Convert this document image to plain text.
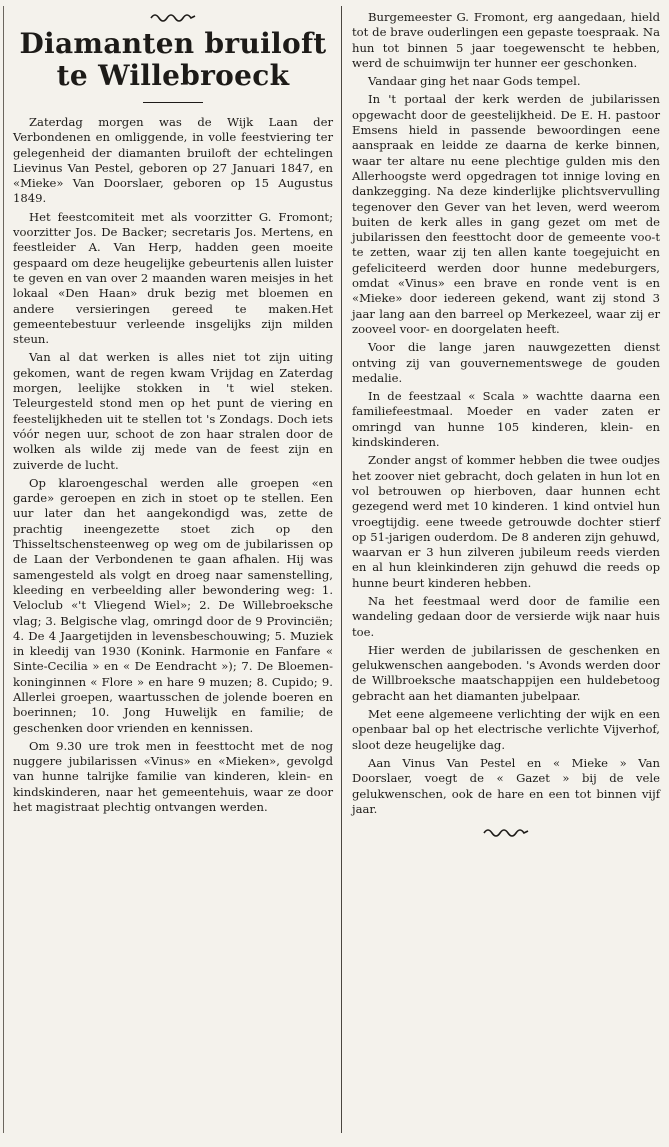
Diamanten bruiloft
te Willebroeck

Zaterdag morgen was de Wijk Laan der Verbondenen en omliggende, in volle feestviering ter gelegenheid der diamanten bruiloft der echtelingen Lievinus Van Pestel, geboren op 27 Januari 1847, en «Mieke» Van Doorslaer, geboren op 15 Augustus 1849.

Het feestcomiteit met als voorzitter G. Fromont; voorzitter Jos. De Backer; secretaris Jos. Mertens, en feestleider A. Van Herp, hadden geen moeite gespaard om deze heugelijke gebeurtenis allen luister te geven en van over 2 maanden waren meisjes in het lokaal «Den Haan» druk bezig met bloemen en andere versieringen gereed te maken.Het gemeentebestuur verleende insgelijks zijn milden steun.

Van al dat werken is alles niet tot zijn uiting gekomen, want de regen kwam Vrijdag en Zaterdag morgen, leelijke stokken in 't wiel steken. Teleurgesteld stond men op het punt de viering en feestelijkheden uit te stellen tot 's Zondags. Doch iets vóór negen uur, schoot de zon haar stralen door de wolken als wilde zij mede van de feest zijn en zuiverde de lucht.

Op klaroengeschal werden alle groepen «en garde» geroepen en zich in stoet op te stellen. Een uur later dan het aangekondigd was, zette de prachtig ineengezette stoet zich op den Thisseltschensteenweg op weg om de jubilarissen op de Laan der Verbondenen te gaan afhalen. Hij was samengesteld als volgt en droeg naar samenstelling, kleeding en verbeelding aller bewondering weg: 1. Veloclub «'t Vliegend Wiel»; 2. De Willebroeksche vlag; 3. Belgische vlag, omringd door de 9 Provinciën; 4. De 4 Jaargetijden in levensbeschouwing; 5. Muziek in kleedij van 1930 (Konink. Harmonie en Fanfare « Sinte-Cecilia » en « De Eendracht »); 7. De Bloemen-koninginnen « Flore » en hare 9 muzen; 8. Cupido; 9. Allerlei groepen, waartusschen de jolende boeren en boerinnen; 10. Jong Huwelijk en familie; de geschenken door vrienden en kennissen.

Om 9.30 ure trok men in feesttocht met de nog nuggere jubilarissen «Vinus» en «Mieken», gevolgd van hunne talrijke familie van kinderen, klein- en kindskinderen, naar het gemeentehuis, waar ze door het magistraat plechtig ontvangen werden.

Burgemeester G. Fromont, erg aangedaan, hield tot de brave ouderlingen een gepaste toespraak. Na hun tot binnen 5 jaar toegewenscht te hebben, werd de schuimwijn ter hunner eer geschonken.

Vandaar ging het naar Gods tempel.

In 't portaal der kerk werden de jubilarissen opgewacht door de geestelijkheid. De E. H. pastoor Emsens hield in passende bewoordingen eene aanspraak en leidde ze daarna de kerke binnen, waar ter altare nu eene plechtige gulden mis den Allerhoogste werd opgedragen tot innige loving en dankzegging. Na deze kinderlijke plichtsvervulling tegenover den Gever van het leven, werd weerom buiten de kerk alles in gang gezet om met de jubilarissen den feesttocht door de gemeente voo-t te zetten, waar zij ten allen kante toegejuicht en gefeliciteerd werden door hunne medeburgers, omdat «Vinus» een brave en ronde vent is en «Mieke» door iedereen gekend, want zij stond 3 jaar lang aan den barreel op Merkezeel, waar zij er zooveel voor- en doorgelaten heeft.

Voor die lange jaren nauwgezetten dienst ontving zij van gouvernementswege de gouden medalie.

In de feestzaal « Scala » wachtte daarna een familiefeestmaal. Moeder en vader zaten er omringd van hunne 105 kinderen, klein- en kindskinderen.

Zonder angst of kommer hebben die twee oudjes het zoover niet gebracht, doch gelaten in hun lot en vol betrouwen op hierboven, daar hunnen echt gezegend werd met 10 kinderen. 1 kind ontviel hun vroegtijdig. eene tweede getrouwde dochter stierf op 51-jarigen ouderdom. De 8 anderen zijn gehuwd, waarvan er 3 hun zilveren jubileum reeds vierden en al hun kleinkinderen zijn gehuwd die reeds op hunne beurt kinderen hebben.

Na het feestmaal werd door de familie een wandeling gedaan door de versierde wijk naar huis toe.

Hier werden de jubilarissen de geschenken en gelukwenschen aangeboden. 's Avonds werden door de Willbroeksche maatschappijen een huldebetoog gebracht aan het diamanten jubelpaar.

Met eene algemeene verlichting der wijk en een openbaar bal op het electrische verlichte Vijverhof, sloot deze heugelijke dag.

Aan Vinus Van Pestel en « Mieke » Van Doorslaer, voegt de « Gazet » bij de vele gelukwenschen, ook de hare en een tot binnen vijf jaar.
